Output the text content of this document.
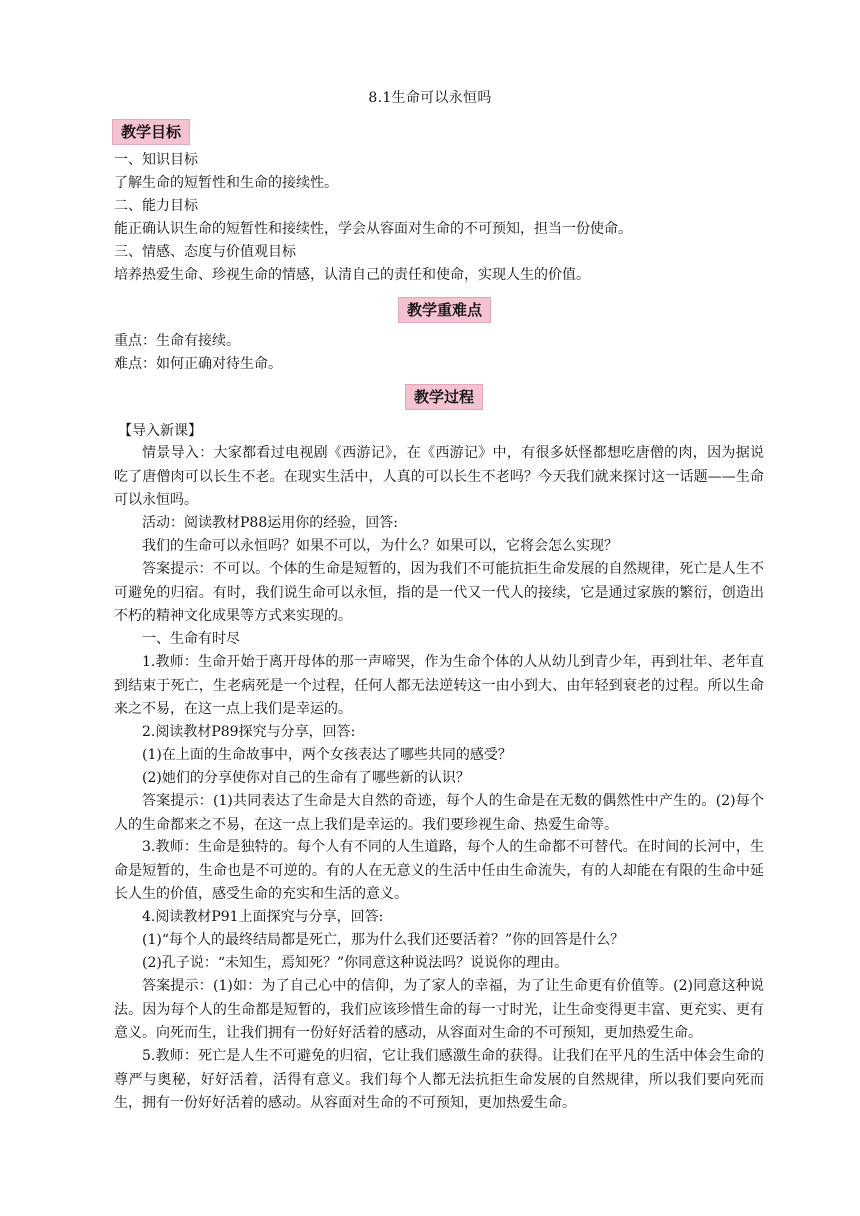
8.1生命可以永恒吗
教学目标
一、知识目标
了解生命的短暂性和生命的接续性。
二、能力目标
能正确认识生命的短暂性和接续性，学会从容面对生命的不可预知，担当一份使命。
三、情感、态度与价值观目标
培养热爱生命、珍视生命的情感，认清自己的责任和使命，实现人生的价值。
教学重难点
重点：生命有接续。
难点：如何正确对待生命。
教学过程
【导入新课】
情景导入：大家都看过电视剧《西游记》，在《西游记》中，有很多妖怪都想吃唐僧的肉，因为据说吃了唐僧肉可以长生不老。在现实生活中，人真的可以长生不老吗？今天我们就来探讨这一话题——生命可以永恒吗。
活动：阅读教材P88运用你的经验，回答:
我们的生命可以永恒吗？如果不可以，为什么？如果可以，它将会怎么实现？
答案提示：不可以。个体的生命是短暂的，因为我们不可能抗拒生命发展的自然规律，死亡是人生不可避免的归宿。有时，我们说生命可以永恒，指的是一代又一代人的接续，它是通过家族的繁衍，创造出不朽的精神文化成果等方式来实现的。
一、生命有时尽
1.教师：生命开始于离开母体的那一声啼哭，作为生命个体的人从幼儿到青少年，再到壮年、老年直到结束于死亡，生老病死是一个过程，任何人都无法逆转这一由小到大、由年轻到衰老的过程。所以生命来之不易，在这一点上我们是幸运的。
2.阅读教材P89探究与分享，回答:
(1)在上面的生命故事中，两个女孩表达了哪些共同的感受？
(2)她们的分享使你对自己的生命有了哪些新的认识？
答案提示：(1)共同表达了生命是大自然的奇迹，每个人的生命是在无数的偶然性中产生的。(2)每个人的生命都来之不易，在这一点上我们是幸运的。我们要珍视生命、热爱生命等。
3.教师：生命是独特的。每个人有不同的人生道路，每个人的生命都不可替代。在时间的长河中，生命是短暂的，生命也是不可逆的。有的人在无意义的生活中任由生命流失，有的人却能在有限的生命中延长人生的价值，感受生命的充实和生活的意义。
4.阅读教材P91上面探究与分享，回答:
(1)“每个人的最终结局都是死亡，那为什么我们还要活着？”你的回答是什么？
(2)孔子说：“未知生，焉知死？”你同意这种说法吗？说说你的理由。
答案提示：(1)如：为了自己心中的信仰，为了家人的幸福，为了让生命更有价值等。(2)同意这种说法。因为每个人的生命都是短暂的，我们应该珍惜生命的每一寸时光，让生命变得更丰富、更充实、更有意义。向死而生，让我们拥有一份好好活着的感动，从容面对生命的不可预知，更加热爱生命。
5.教师：死亡是人生不可避免的归宿，它让我们感激生命的获得。让我们在平凡的生活中体会生命的尊严与奥秘，好好活着，活得有意义。我们每个人都无法抗拒生命发展的自然规律，所以我们要向死而生，拥有一份好好活着的感动。从容面对生命的不可预知，更加热爱生命。
